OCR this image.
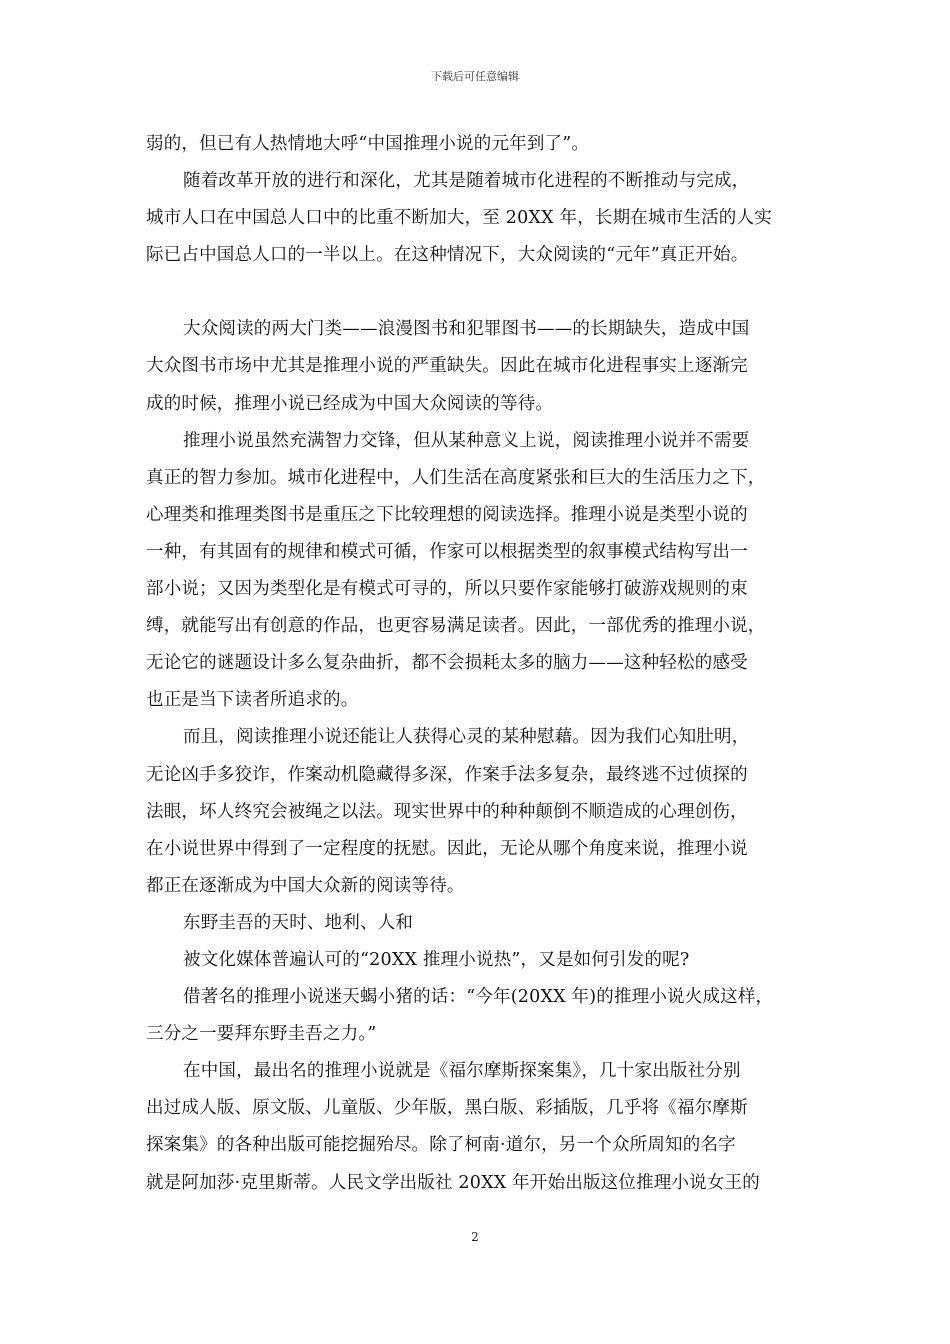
下载后可任意编辑

弱的，但已有人热情地大呼“中国推理小说的元年到了”。

随着改革开放的进行和深化，尤其是随着城市化进程的不断推动与完成，
城市人口在中国总人口中的比重不断加大，至 20XX 年，长期在城市生活的人实
际已占中国总人口的一半以上。在这种情况下，大众阅读的“元年”真正开始。

大众阅读的两大门类——浪漫图书和犯罪图书——的长期缺失，造成中国
大众图书市场中尤其是推理小说的严重缺失。因此在城市化进程事实上逐渐完
成的时候，推理小说已经成为中国大众阅读的等待。

推理小说虽然充满智力交锋，但从某种意义上说，阅读推理小说并不需要
真正的智力参加。城市化进程中，人们生活在高度紧张和巨大的生活压力之下，
心理类和推理类图书是重压之下比较理想的阅读选择。推理小说是类型小说的
一种，有其固有的规律和模式可循，作家可以根据类型的叙事模式结构写出一
部小说；又因为类型化是有模式可寻的，所以只要作家能够打破游戏规则的束
缚，就能写出有创意的作品，也更容易满足读者。因此，一部优秀的推理小说，
无论它的谜题设计多么复杂曲折，都不会损耗太多的脑力——这种轻松的感受
也正是当下读者所追求的。

而且，阅读推理小说还能让人获得心灵的某种慰藉。因为我们心知肚明，
无论凶手多狡诈，作案动机隐藏得多深，作案手法多复杂，最终逃不过侦探的
法眼，坏人终究会被绳之以法。现实世界中的种种颠倒不顺造成的心理创伤，
在小说世界中得到了一定程度的抚慰。因此，无论从哪个角度来说，推理小说
都正在逐渐成为中国大众新的阅读等待。

东野圭吾的天时、地利、人和

被文化媒体普遍认可的“20XX 推理小说热”，又是如何引发的呢?

借著名的推理小说迷天蝎小猪的话：“今年(20XX 年)的推理小说火成这样，
三分之一要拜东野圭吾之力。”

在中国，最出名的推理小说就是《福尔摩斯探案集》，几十家出版社分别
出过成人版、原文版、儿童版、少年版，黑白版、彩插版，几乎将《福尔摩斯
探案集》的各种出版可能挖掘殆尽。除了柯南·道尔，另一个众所周知的名字
就是阿加莎·克里斯蒂。人民文学出版社 20XX 年开始出版这位推理小说女王的

2
